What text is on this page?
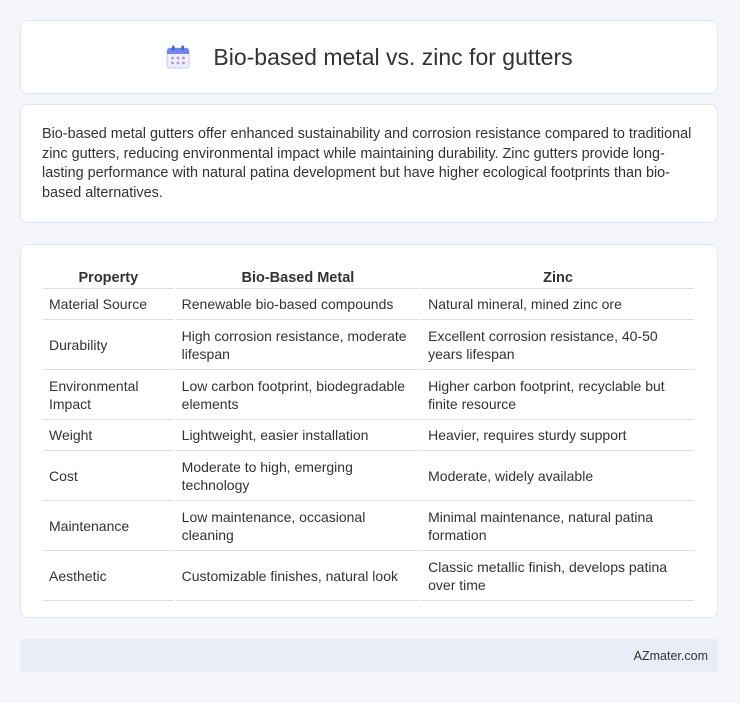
Bio-based metal vs. zinc for gutters
Bio-based metal gutters offer enhanced sustainability and corrosion resistance compared to traditional zinc gutters, reducing environmental impact while maintaining durability. Zinc gutters provide long-lasting performance with natural patina development but have higher ecological footprints than bio-based alternatives.
Property	Bio-Based Metal	Zinc
Material Source	Renewable bio-based compounds	Natural mineral, mined zinc ore
Durability	High corrosion resistance, moderate lifespan	Excellent corrosion resistance, 40-50 years lifespan
Environmental Impact	Low carbon footprint, biodegradable elements	Higher carbon footprint, recyclable but finite resource
Weight	Lightweight, easier installation	Heavier, requires sturdy support
Cost	Moderate to high, emerging technology	Moderate, widely available
Maintenance	Low maintenance, occasional cleaning	Minimal maintenance, natural patina formation
Aesthetic	Customizable finishes, natural look	Classic metallic finish, develops patina over time
AZmater.com
